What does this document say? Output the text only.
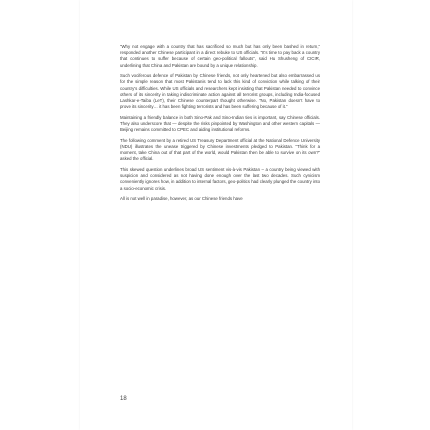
“Why not engage with a country that has sacrificed so much but has only been bashed in return,” responded another Chinese participant in a direct rebuke to US officials. “It’s time to pay back a country that continues to suffer because of certain geo-political fallouts”, said Hu Shusheng of CICIR, underlining that China and Pakistan are bound by a unique relationship.

Such vociferous defence of Pakistan by Chinese friends, not only heartened but also embarrassed us for the simple reason that most Pakistanis tend to lack this kind of conviction while talking of their country’s difficulties. While US officials and researchers kept insisting that Pakistan needed to convince others of its sincerity in taking indiscriminate action against all terrorist groups, including India-focused Lashkar-e-Taiba (LeT), their Chinese counterpart thought otherwise. “No, Pakistan doesn’t have to prove its sincerity… it has been fighting terrorists and has been suffering because of it.”

Maintaining a friendly balance in both Sino-Pak and Sino-Indian ties is important, say Chinese officials. They also underscore that — despite the risks pinpointed by Washington and other western capitals — Beijing remains committed to CPEC and aiding institutional reforms.

The following comment by a retired US Treasury Department official at the National Defence University (NDU) illustrates the unease triggered by Chinese investments pledged to Pakistan. “Think for a moment, take China out of that part of the world, would Pakistan then be able to survive on its own?” asked the official.

This skewed question underlines broad US sentiment vis-à-vis Pakistan – a country being viewed with suspicion and considered as not having done enough over the last two decades. Such cynicism conveniently ignores how, in addition to internal factors, geo-politics had clearly plunged the country into a socio-economic crisis.

All is not well in paradise, however, as our Chinese friends have

18
